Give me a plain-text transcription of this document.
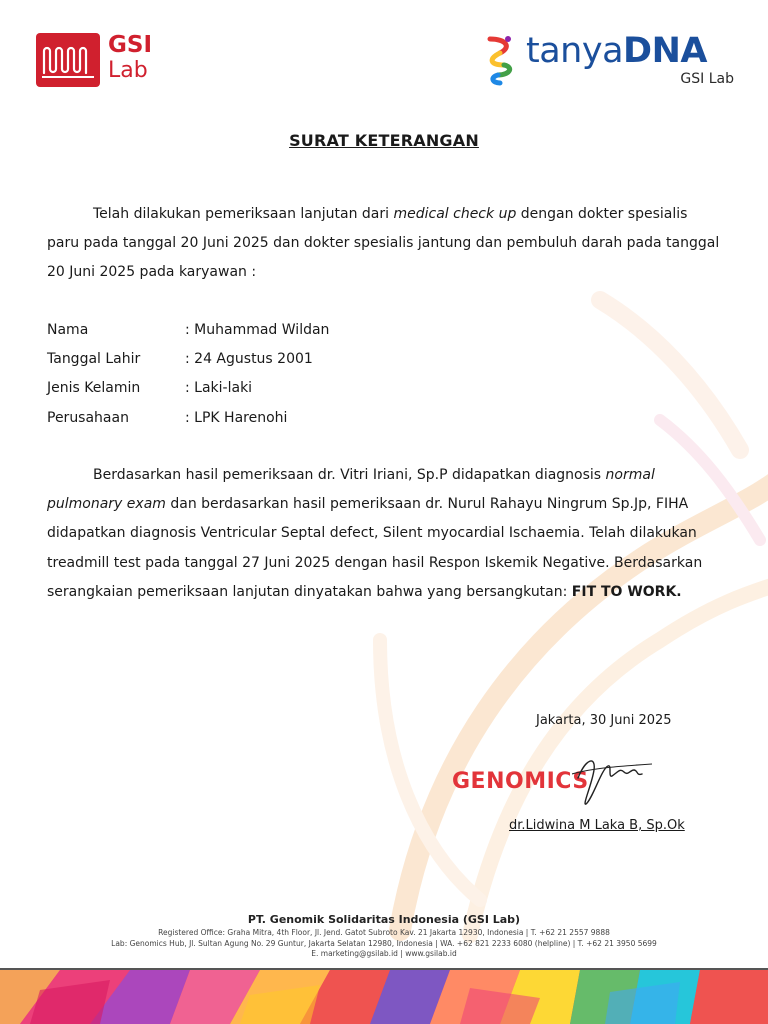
GSI
Lab	tanyaDNA
GSI Lab
SURAT KETERANGAN
Telah dilakukan pemeriksaan lanjutan dari medical check up dengan dokter spesialis paru pada tanggal 20 Juni 2025 dan dokter spesialis jantung dan pembuluh darah pada tanggal 20 Juni 2025 pada karyawan :
Nama	: Muhammad Wildan
Tanggal Lahir	: 24 Agustus 2001
Jenis Kelamin	: Laki-laki
Perusahaan	: LPK Harenohi
Berdasarkan hasil pemeriksaan dr. Vitri Iriani, Sp.P didapatkan diagnosis normal pulmonary exam dan berdasarkan hasil pemeriksaan dr. Nurul Rahayu Ningrum Sp.Jp, FIHA didapatkan diagnosis Ventricular Septal defect, Silent myocardial Ischaemia. Telah dilakukan treadmill test pada tanggal 27 Juni 2025 dengan hasil Respon Iskemik Negative. Berdasarkan serangkaian pemeriksaan lanjutan dinyatakan bahwa yang bersangkutan: FIT TO WORK.
Jakarta, 30 Juni 2025
GENOMICS
dr.Lidwina M Laka B, Sp.Ok
PT. Genomik Solidaritas Indonesia (GSI Lab)
Registered Office: Graha Mitra, 4th Floor, Jl. Jend. Gatot Subroto Kav. 21 Jakarta 12930, Indonesia | T. +62 21 2557 9888
Lab: Genomics Hub, Jl. Sultan Agung No. 29 Guntur, Jakarta Selatan 12980, Indonesia | WA. +62 821 2233 6080 (helpline) | T. +62 21 3950 5699
E. marketing@gsilab.id | www.gsilab.id
